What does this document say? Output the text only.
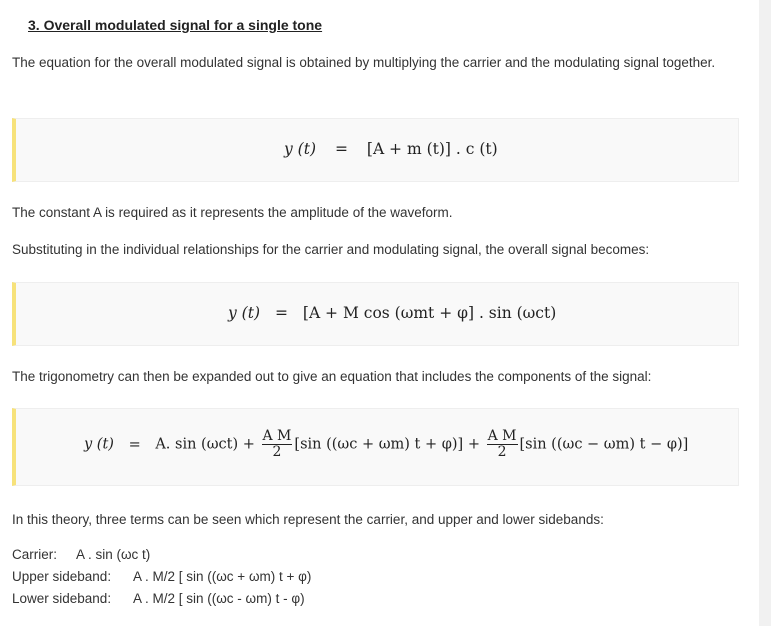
3. Overall modulated signal for a single tone
The equation for the overall modulated signal is obtained by multiplying the carrier and the modulating signal together.
y (t) = [A + m (t)] . c (t)
The constant A is required as it represents the amplitude of the waveform.
Substituting in the individual relationships for the carrier and modulating signal, the overall signal becomes:
y (t) = [A + M cos (ωmt + φ] . sin (ωct)
The trigonometry can then be expanded out to give an equation that includes the components of the signal:
y (t) = A. $\sin (\omega ct) + \frac{\text{A M}}{2} [\sin$ ((ωc + ωm) $t + \varphi)] + \frac{\text{A M}}{2} [\sin$ ((ωc − ωm) t − φ)]
In this theory, three terms can be seen which represent the carrier, and upper and lower sidebands:
Carrier: A . sin (ωc t)
Upper sideband: A . M/2 [ sin ((ωc + ωm) t + φ)
Lower sideband: A . M/2 [ sin ((ωc - ωm) t - φ)
